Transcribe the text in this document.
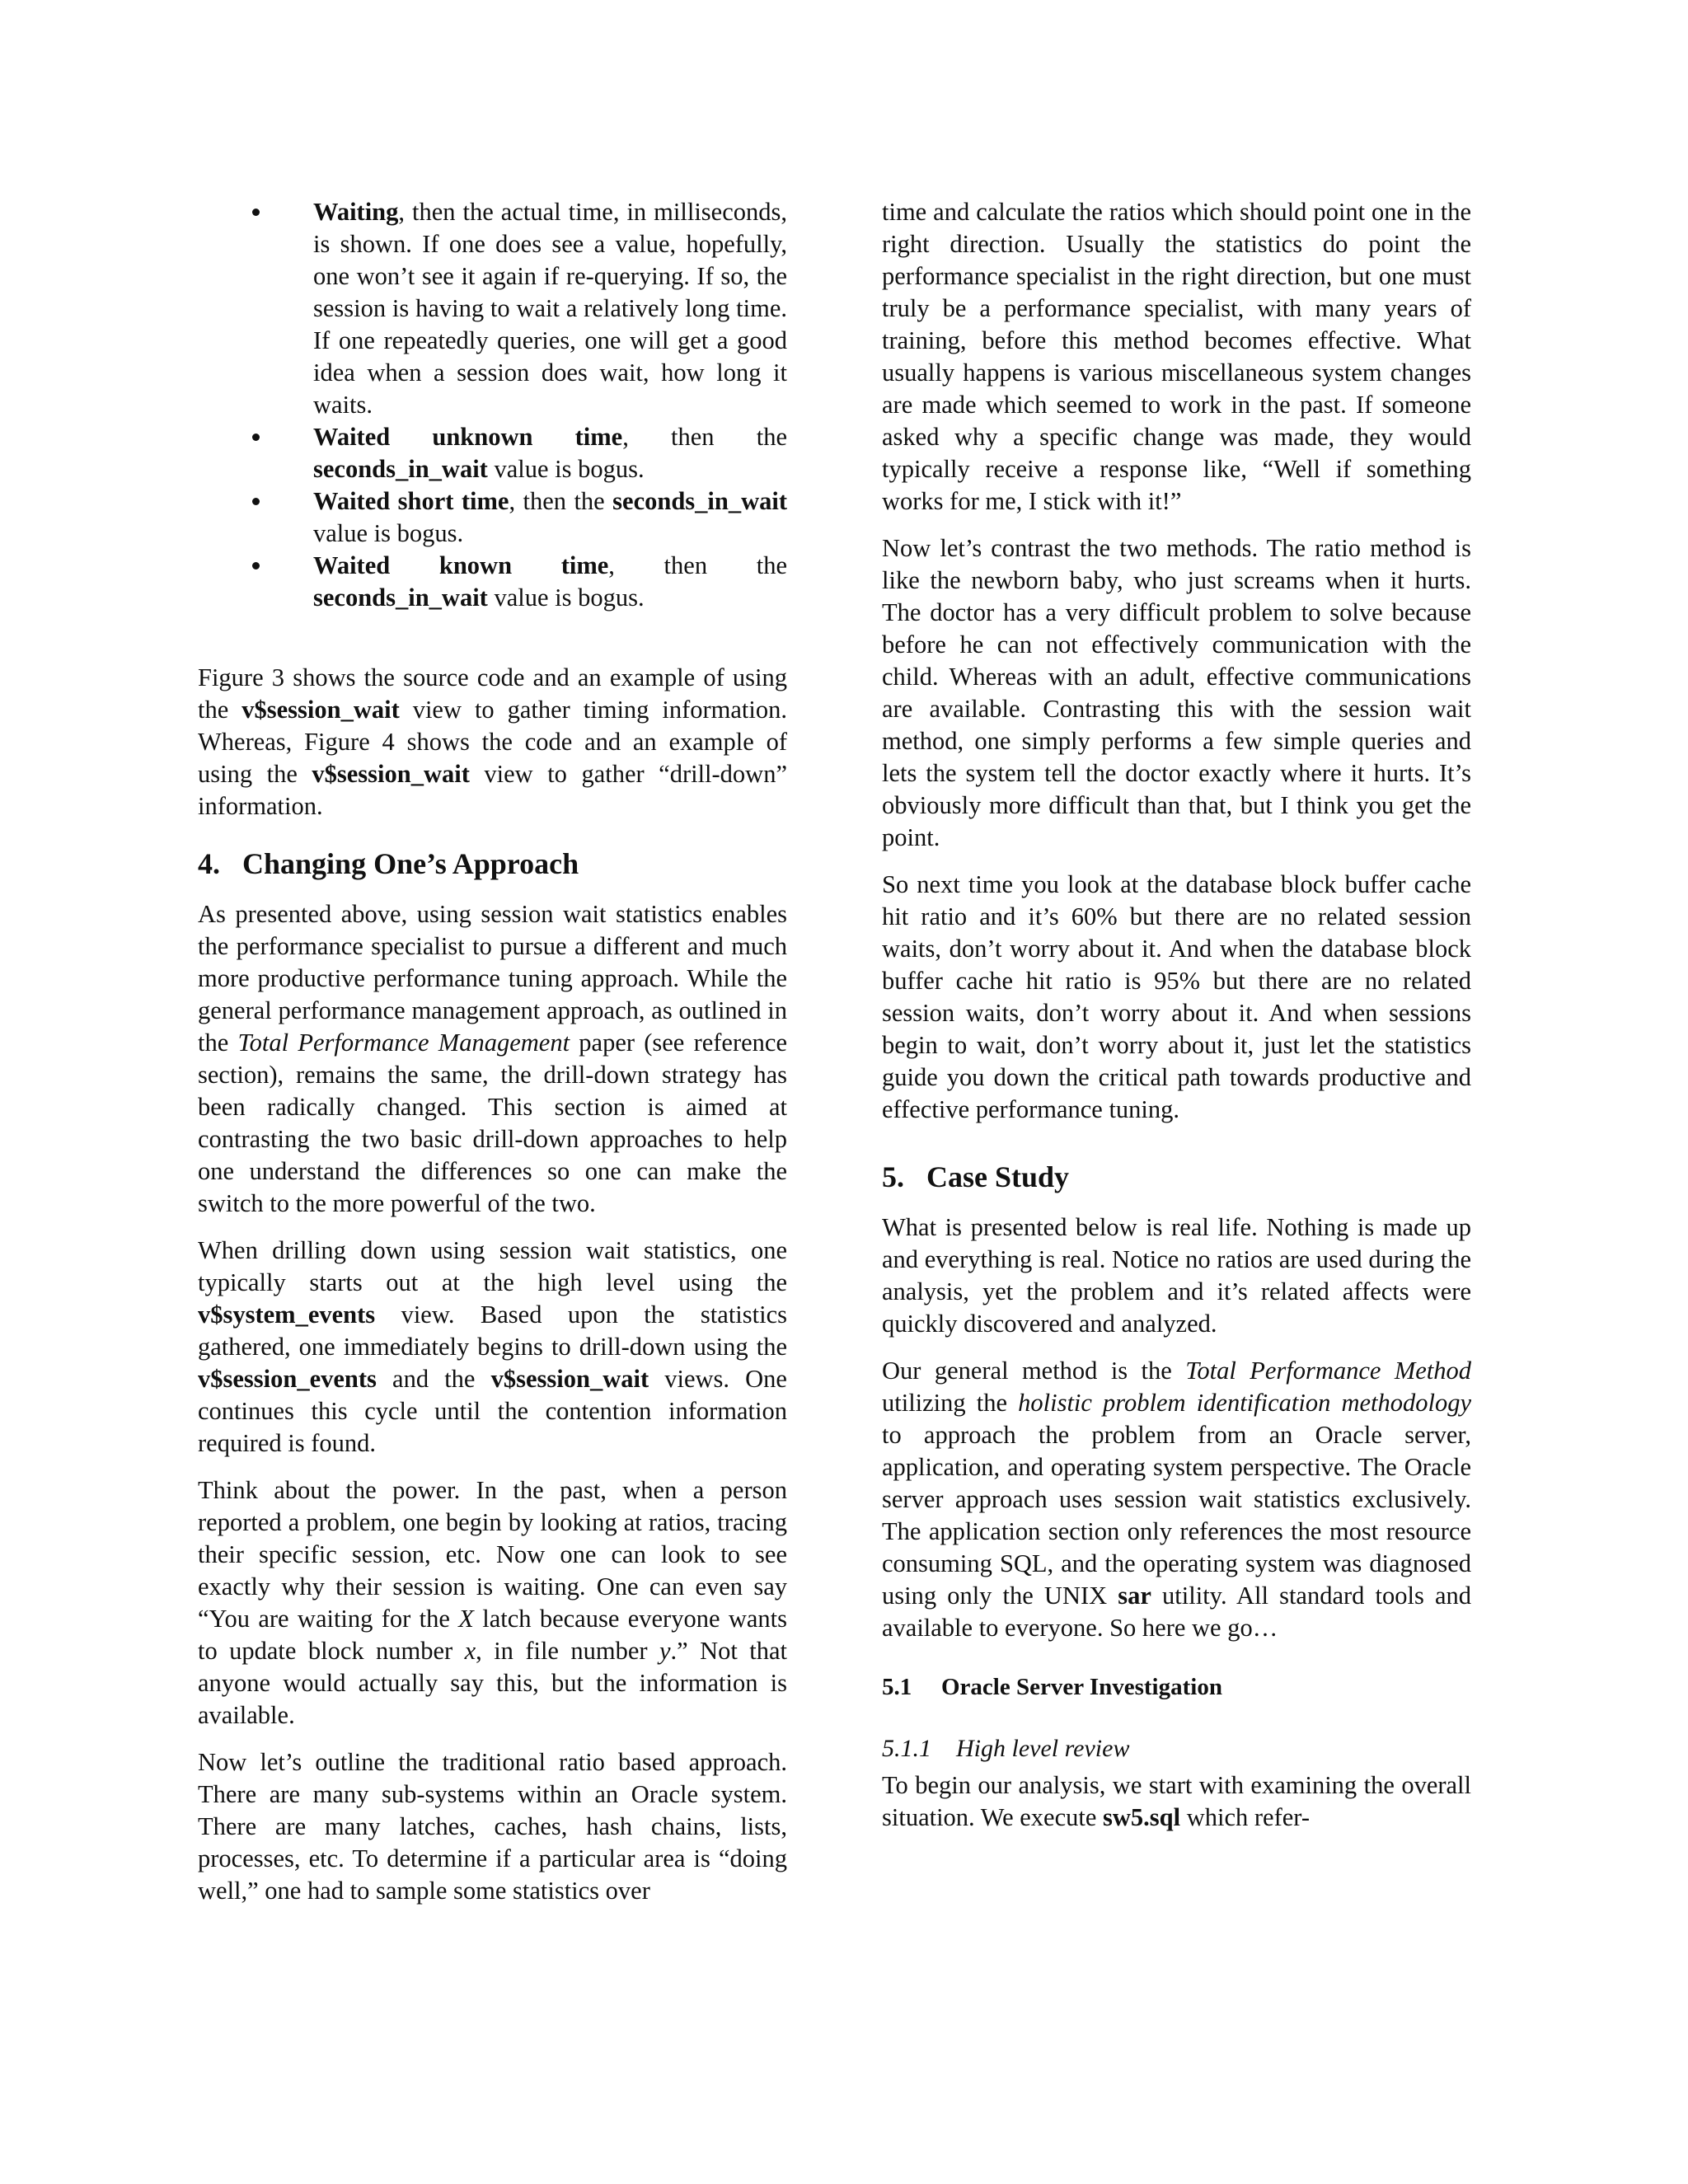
Waiting, then the actual time, in milliseconds, is shown. If one does see a value, hopefully, one won’t see it again if re-querying. If so, the session is having to wait a relatively long time. If one repeatedly queries, one will get a good idea when a session does wait, how long it waits.
Waited unknown time, then the seconds_in_wait value is bogus.
Waited short time, then the seconds_in_wait value is bogus.
Waited known time, then the seconds_in_wait value is bogus.

Figure 3 shows the source code and an example of using the v$session_wait view to gather timing information. Whereas, Figure 4 shows the code and an example of using the v$session_wait view to gather “drill-down” information.

4. Changing One’s Approach

As presented above, using session wait statistics enables the performance specialist to pursue a different and much more productive performance tuning approach. While the general performance management approach, as outlined in the Total Performance Management paper (see reference section), remains the same, the drill-down strategy has been radically changed. This section is aimed at contrasting the two basic drill-down approaches to help one understand the differences so one can make the switch to the more powerful of the two.

When drilling down using session wait statistics, one typically starts out at the high level using the v$system_events view. Based upon the statistics gathered, one immediately begins to drill-down using the v$session_events and the v$session_wait views. One continues this cycle until the contention information required is found.

Think about the power. In the past, when a person reported a problem, one begin by looking at ratios, tracing their specific session, etc. Now one can look to see exactly why their session is waiting. One can even say “You are waiting for the X latch because everyone wants to update block number x, in file number y.” Not that anyone would actually say this, but the information is available.

Now let’s outline the traditional ratio based approach. There are many sub-systems within an Oracle system. There are many latches, caches, hash chains, lists, processes, etc. To determine if a particular area is “doing well,” one had to sample some statistics over

time and calculate the ratios which should point one in the right direction. Usually the statistics do point the performance specialist in the right direction, but one must truly be a performance specialist, with many years of training, before this method becomes effective. What usually happens is various miscellaneous system changes are made which seemed to work in the past. If someone asked why a specific change was made, they would typically receive a response like, “Well if something works for me, I stick with it!”

Now let’s contrast the two methods. The ratio method is like the newborn baby, who just screams when it hurts. The doctor has a very difficult problem to solve because before he can not effectively communication with the child. Whereas with an adult, effective communications are available. Contrasting this with the session wait method, one simply performs a few simple queries and lets the system tell the doctor exactly where it hurts. It’s obviously more difficult than that, but I think you get the point.

So next time you look at the database block buffer cache hit ratio and it’s 60% but there are no related session waits, don’t worry about it. And when the database block buffer cache hit ratio is 95% but there are no related session waits, don’t worry about it. And when sessions begin to wait, don’t worry about it, just let the statistics guide you down the critical path towards productive and effective performance tuning.

5. Case Study

What is presented below is real life. Nothing is made up and everything is real. Notice no ratios are used during the analysis, yet the problem and it’s related affects were quickly discovered and analyzed.

Our general method is the Total Performance Method utilizing the holistic problem identification methodology to approach the problem from an Oracle server, application, and operating system perspective. The Oracle server approach uses session wait statistics exclusively. The application section only references the most resource consuming SQL, and the operating system was diagnosed using only the UNIX sar utility. All standard tools and available to everyone. So here we go…

5.1 Oracle Server Investigation
5.1.1 High level review

To begin our analysis, we start with examining the overall situation. We execute sw5.sql which refer-
